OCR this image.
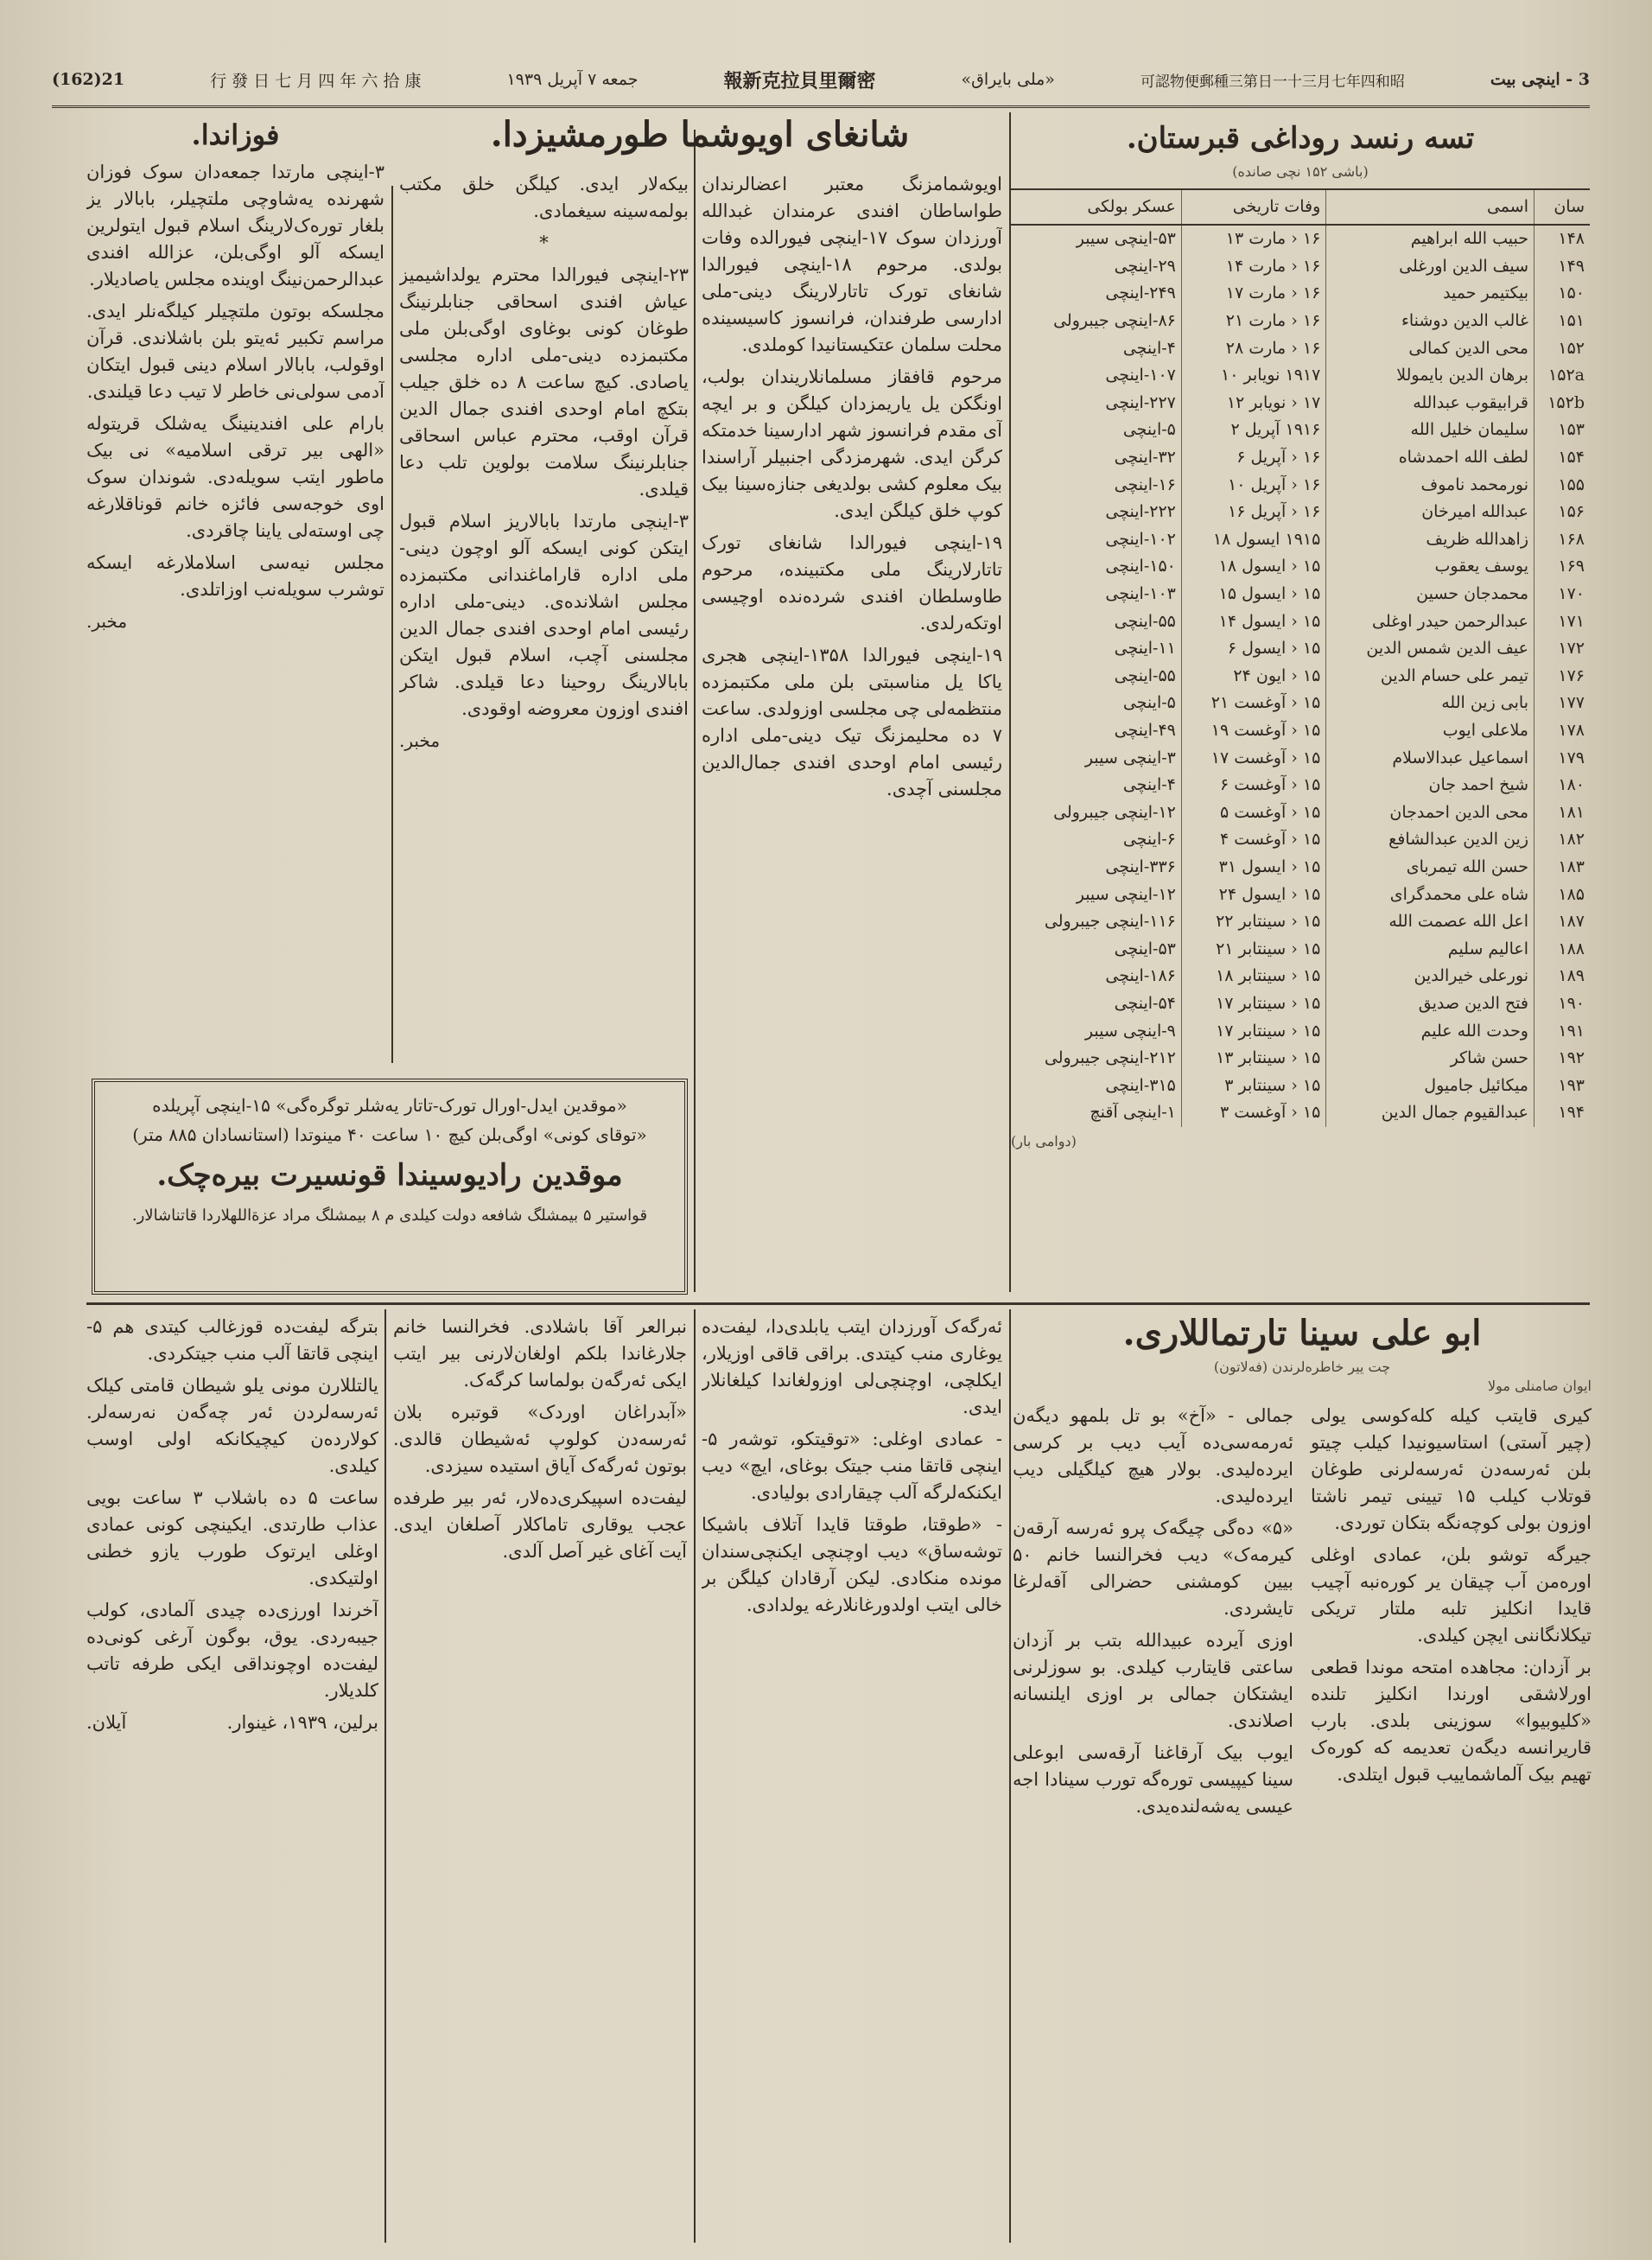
(162)21	行 發 日 七 月 四 年 六 拾 康	جمعه ۷ آپریل ۱۹۳۹	報新克拉貝里爾密	«ملی بایراق»	可認物便郵種三第日一十三月七年四和昭	3 - اینچی بیت
تسه رنسد روداغی قبرستان.
(باشی ۱۵۲ نچی صانده)
سان	اسمی	وفات تاریخی	عسکر بولکی
۱۴۸	حبیب الله ابراهیم	۱۶ ‹ مارت ۱۳	۵۳-اینچی سیبر
۱۴۹	سیف الدین اورغلی	۱۶ ‹ مارت ۱۴	۲۹-اینچی
۱۵۰	بیکتیمر حمید	۱۶ ‹ مارت ۱۷	۲۴۹-اینچی
۱۵۱	غالب الدین دوشناء	۱۶ ‹ مارت ۲۱	۸۶-اینچی جیبرولی
۱۵۲	محی الدین کمالی	۱۶ ‹ مارت ۲۸	۴-اینچی
۱۵۲a	برهان الدین بایموللا	۱۹۱۷ نویابر ۱۰	۱۰۷-اینچی
۱۵۲b	قرابیقوب عبدالله	۱۷ ‹ نویابر ۱۲	۲۲۷-اینچی
۱۵۳	سلیمان خلیل الله	۱۹۱۶ آپریل ۲	۵-اینچی
۱۵۴	لطف الله احمدشاه	۱۶ ‹ آپریل ۶	۳۲-اینچی
۱۵۵	نورمحمد ناموف	۱۶ ‹ آپریل ۱۰	۱۶-اینچی
۱۵۶	عبدالله امیرخان	۱۶ ‹ آپریل ۱۶	۲۲۲-اینچی
۱۶۸	زاهدالله ظریف	۱۹۱۵ ایسول ۱۸	۱۰۲-اینچی
۱۶۹	یوسف یعقوب	۱۵ ‹ ایسول ۱۸	۱۵۰-اینچی
۱۷۰	محمدجان حسین	۱۵ ‹ ایسول ۱۵	۱۰۳-اینچی
۱۷۱	عبدالرحمن حیدر اوغلی	۱۵ ‹ ایسول ۱۴	۵۵-اینچی
۱۷۲	عیف الدین شمس الدین	۱۵ ‹ ایسول ۶	۱۱-اینچی
۱۷۶	تیمر علی حسام الدین	۱۵ ‹ ایون ۲۴	۵۵-اینچی
۱۷۷	بابی زین الله	۱۵ ‹ آوغست ۲۱	۵-اینچی
۱۷۸	ملاعلی ایوب	۱۵ ‹ آوغست ۱۹	۴۹-اینچی
۱۷۹	اسماعیل عبدالاسلام	۱۵ ‹ آوغست ۱۷	۳-اینچی سیبر
۱۸۰	شیخ احمد جان	۱۵ ‹ آوغست ۶	۴-اینچی
۱۸۱	محی الدین احمدجان	۱۵ ‹ آوغست ۵	۱۲-اینچی جیبرولی
۱۸۲	زین الدین عبدالشافع	۱۵ ‹ آوغست ۴	۶-اینچی
۱۸۳	حسن الله تیمربای	۱۵ ‹ ایسول ۳۱	۳۳۶-اینچی
۱۸۵	شاه علی محمدگرای	۱۵ ‹ ایسول ۲۴	۱۲-اینچی سیبر
۱۸۷	اعل الله عصمت الله	۱۵ ‹ سینتابر ۲۲	۱۱۶-اینچی جیبرولی
۱۸۸	اعالیم سلیم	۱۵ ‹ سینتابر ۲۱	۵۳-اینچی
۱۸۹	نورعلی خیرالدین	۱۵ ‹ سینتابر ۱۸	۱۸۶-اینچی
۱۹۰	فتح الدین صدیق	۱۵ ‹ سینتابر ۱۷	۵۴-اینچی
۱۹۱	وحدت الله علیم	۱۵ ‹ سینتابر ۱۷	۹-اینچی سیبر
۱۹۲	حسن شاکر	۱۵ ‹ سینتابر ۱۳	۲۱۲-اینچی جیبرولی
۱۹۳	میکائیل جامیول	۱۵ ‹ سینتابر ۳	۳۱۵-اینچی
۱۹۴	عبدالقیوم جمال الدین	۱۵ ‹ آوغست ۳	۱-اینچی آقنچ
(دوامی بار)
شانغای اویوشما طورمشیزدا.

اویوشمامزنگ معتبر اعضالرندان طواسا‌طان افندی عرمندان غبدالله آورزدان سوک ۱۷-اینچی فیورالده وفات بولدی. مرحوم ۱۸-اینچی فیورالدا شانغای تورک تاتارلارینگ دینی-ملی ادارسی طرفندان، فرانسوز کاسیسینده محلت سلمان عتکیستانیدا کوملدی.

مرحوم قافقاز مسلمانلاریندان بولب، اونگکن یل یاریمزدان کیلگن و بر ایچه آی مقدم فرانسوز شهر ادارسینا خدمتکه کرگن ایدی. شهرمزدگی اجنبیلر آراسندا بیک معلوم کشی بولدیغی جنازه‌سینا بیک کوپ خلق کیلگن ایدی.

۱۹-اینچی فیورالدا شانغای تورک تاتارلارینگ ملی مکتبینده، مرحوم طاوسلطان افندی شرده‌نده اوچیسی اوتکه‌رلدی.

۱۹-اینچی فیورالدا ۱۳۵۸-اینچی هجری یاکا یل مناسبتی بلن ملی مکتبمزده منتظمه‌لی چی مجلسی اوزولدی. ساعت ۷ ده محلیمزنگ تیک دینی-ملی اداره رئیسی امام اوحدی افندی جمال‌الدین مجلسنی آچدی.

بیکه‌لار ایدی. کیلگن خلق مکتب بولمه‌سینه سیغمادی.

*

۲۳-اینچی فیورالدا محترم یولداشیمیز عیاش افندی اسحاقی جنابلرنینگ طوغان کونی بوغاوی اوگی‌بلن ملی مکتبمزده دینی-ملی اداره مجلسی یاصادی. کیچ ساعت ۸ ده خلق جیلب بتکچ امام اوحدی افندی جمال الدین قرآن اوقب، محترم عباس اسحاقی جنابلرنینگ سلامت بولوین تلب دعا قیلدی.

۳-اینچی مارتدا بابالاریز اسلام قبول ایتکن کونی ایسکه آلو اوچون دینی-ملی اداره قاراماغندانی مکتبمزده مجلس اشلانده‌ی. دینی-ملی اداره رئیسی امام اوحدی افندی جمال الدین مجلسنی آچب، اسلام قبول ایتکن بابالارینگ روحینا دعا قیلدی. شاکر افندی اوزون معروضه اوقودی.

مخبر.

فوزاندا.

۳-اینچی مارتدا جمعه‌دان سوک فوزان شهرنده یه‌شاوچی ملتچیلر، بابالار یز بلغار توره‌ک‌لارینگ اسلام قبول ایتولرین ایسکه آلو اوگی‌بلن، عزالله افندی عبدالرحمن‌نینگ اوینده مجلس یاصادیلار.

مجلسکه بوتون ملتچیلر کیلگه‌نلر ایدی. مراسم تکبیر ئه‌یتو بلن باشلاندی. قرآن اوقولب، بابالار اسلام دینی قبول ایتکان آدمی سولی‌نی خاطر لا تیب دعا قیلندی.

بارام علی افندینینگ یه‌شلک قریتوله «الهی بیر ترقی اسلامیه» نی بیک ماطور ایتب سویله‌دی. شوندان سوک اوی خوجه‌سی فائزه خانم قوناقلارغه چی اوسته‌لی یاینا چاقردی.

مجلس نیه‌سی اسلاملارغه ایسکه توشرب سویله‌نب اوزاتلدی.

مخبر.

«موقدین ایدل-اورال تورک-تاتار یه‌شلر توگره‌گی» ۱۵-اینچی آپریلده
«توقای کونی» اوگی‌بلن کیچ ۱۰ ساعت ۴۰ مینوتدا (استانسادان ۸۸۵ متر)
موقدین رادیوسیندا قونسیرت بیره‌چک.
قواستیر ۵ بیمشلگ شافعه دولت کیلدی م ۸ بیمشلگ مراد عزةاللهلاردا قاتناشالار.
ابو علی سینا تارتماللاری.
چت ییر خاطره‌لرندن (فه‌لاتون)
ایوان صامنلی مولا

کیری قایتب کیله کله‌کوسی یولی (چیر آستی) استاسیونیدا کیلب چیتو بلن ئه‌رسه‌دن ئه‌رسه‌لرنی طوغان قوتلاب کیلب ۱۵ تیینی تیمر ناشتا اوزون بولی کوچه‌نگه بتکان توردی.

جیرگه توشو بلن، عمادی اوغلی اوره‌من آب چیقان یر کوره‌نبه آچیب قایدا انکلیز تلبه ملتار تریکی تیکلانگاننی ایچن کیلدی.

بر آزدان: مجاهده امتحه موندا قطعی اورلاشقی اورندا انکلیز تلنده «کلیوبیوا» سوزینی بلدی. بارب قاریرانسه دیگه‌ن تعدیمه که کوره‌ک تهیم بیک آلماشماییب قبول ایتلدی.

جمالی - «آخ» بو تل بلمهو دیگه‌ن ئه‌رمه‌سی‌ده آیب دیب بر کرسی ایرده‌لیدی. بولار هیچ کیلگیلی دیب ایرده‌لیدی.

«۵» ده‌گی چیگه‌ک پرو ئه‌رسه آرقه‌ن کیرمه‌ک» دیب فخرالنسا خانم ۵۰ بیین کومشنی حضرالی آقه‌لرغا تایشردی.

اوزی آیرده عبیدالله بتب بر آزدان ساعتی قایتارب کیلدی. بو سوزلرنی ایشتکان جمالی بر اوزی ایلنسانه اصلاندی.

ایوب بیک آرقاغنا آرقه‌سی ابوعلی سینا کیپیسی توره‌گه تورب سینادا اجه عیسی یه‌شه‌لنده‌یدی.

ئه‌رگه‌ک آورزدان ایتب یابلدی‌دا، لیفت‌ده یوغاری منب کیتدی. براقی قاقی اوزیلار، ایکلچی، اوچنچی‌لی اوزولغاندا کیلغانلار ایدی.

- عمادی اوغلی: «توقیتکو، توشه‌ر ۵-اینچی قاتقا منب جیتک بوغای، ایچ» دیب ایکنکه‌لرگه آلب چیقارادی بولیادی.

- «طوقتا، طوقتا قایدا آتلاف باشیکا توشه‌ساق» دیب اوچنچی ایکنچی‌سندان مونده منکادی. لیکن آرقادان کیلگن بر خالی ایتب اولدورغانلارغه یولدادی.

نبرالعر آقا باشلادی. فخرالنسا خانم جلارغاندا بلکم اولغان‌لارنی بیر ایتب ایکی ئه‌رگه‌ن بولماسا کرگه‌ک.

«آبدراغان اوردک» قوتبره بلان ئه‌رسه‌دن کولوپ ئه‌شیطان قالدی. بوتون ئه‌رگه‌ک آیاق استیده سیزدی.

لیفت‌ده اسپیکری‌ده‌لار، ئه‌ر بیر طرفده عجب یوقاری تاماکلار آصلغان ایدی. آیت آغای غیر آصل آلدی.

بترگه لیفت‌ده قوزغالب کیتدی هم ۵-اینچی قاتقا آلب منب جیتکردی.

یالتللارن مونی یلو شیطان قامتی کیلک ئه‌رسه‌لردن ئه‌ر چه‌گه‌ن نه‌رسه‌لر. کولارده‌ن کیچیکانکه اولی اوسب کیلدی.

ساعت ۵ ده باشلاب ۳ ساعت بویی عذاب طارتدی. ایکینچی کونی عمادی اوغلی ایرتوک طورب یازو خطنی اولتیکدی.

آخرندا اورزی‌ده چیدی آلمادی، کولب جیبه‌ردی. یوق، بوگون آرغی کونی‌ده لیفت‌ده اوچونداقی ایکی طرفه تاتب کلدیلار.

برلین، ۱۹۳۹، غینوار.
آیلان.
